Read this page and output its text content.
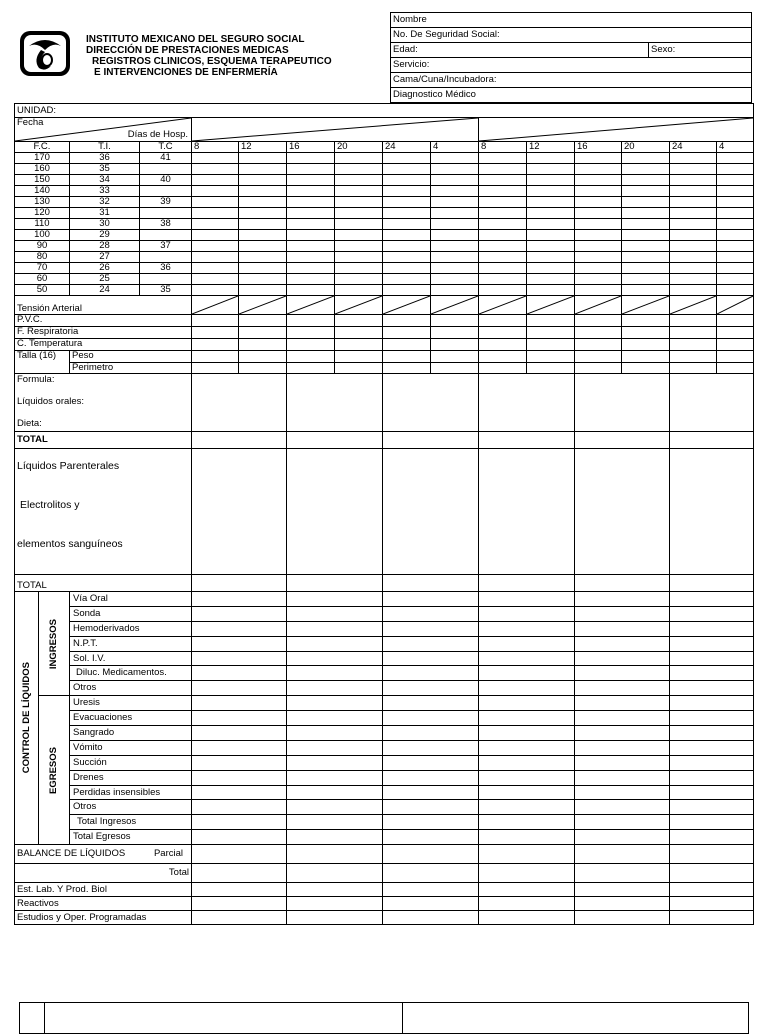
INSTITUTO MEXICANO DEL SEGURO SOCIAL
DIRECCIÓN DE PRESTACIONES MEDICAS
REGISTROS CLINICOS, ESQUEMA TERAPEUTICO
E INTERVENCIONES DE ENFERMERÍA
Nombre
No. De Seguridad Social:
Edad:	Sexo:
Servicio:
Cama/Cuna/Incubadora:
Diagnostico Médico
UNIDAD:															

Fecha
Días de Hosp.

F.C.		T.I.	T.C	8	12	16	20	24	4	8	12	16	20	24	4
170		36	41												
160		35													
150		34	40												
140		33													
130		32	39												
120		31													
110		30	38												
100		29													
90		28	37												
80		27													
70		26	36												
60		25													
50		24	35												
Tensión Arterial	

P.V.C.															
F. Respiratoria															
C. Temperatura															
Talla (16)		Peso													
		Perimetro													

Formula:
Líquidos orales:
Dieta:															

TOTAL															

Líquidos Parenterales
Electrolitos y
elementos sanguíneos															

TOTAL															

CONTROL DE LÍQUIDOS	INGRESOS	Vía Oral													
		Sonda													
		Hemoderivados													
		N.P.T.													
		Sol. I.V.													
		Diluc. Medicamentos.													
		Otros													

	EGRESOS	Uresis													
		Evacuaciones													
		Sangrado													
		Vómito													
		Succión													
		Drenes													
		Perdidas insensibles													
		Otros													
		Total Ingresos													
		Total Egresos													
BALANCE DE LÍQUIDOS Parcial															

Total															
Est. Lab. Y Prod. Biol															
Reactivos															
Estudios y Oper. Programadas															
